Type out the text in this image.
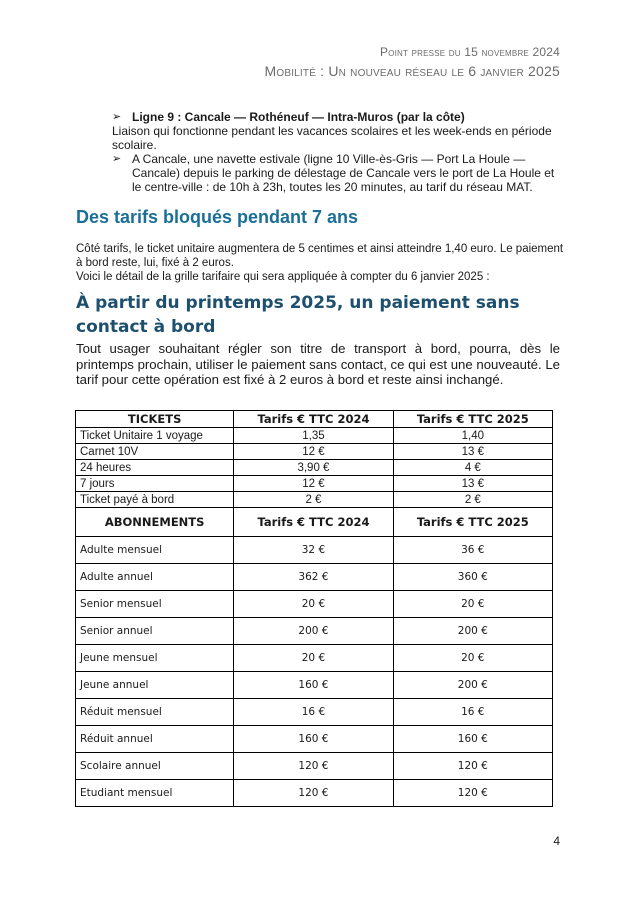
Point presse du 15 novembre 2024
Mobilité : Un nouveau réseau le 6 janvier 2025
➢ Ligne 9 : Cancale — Rothéneuf — Intra-Muros (par la côte)

Liaison qui fonctionne pendant les vacances scolaires et les week-ends en période scolaire.

➢ A Cancale, une navette estivale (ligne 10 Ville-ès-Gris — Port La Houle — Cancale) depuis le parking de délestage de Cancale vers le port de La Houle et le centre-ville : de 10h à 23h, toutes les 20 minutes, au tarif du réseau MAT.
Des tarifs bloqués pendant 7 ans

Côté tarifs, le ticket unitaire augmentera de 5 centimes et ainsi atteindre 1,40 euro. Le paiement à bord reste, lui, fixé à 2 euros.

Voici le détail de la grille tarifaire qui sera appliquée à compter du 6 janvier 2025 :

À partir du printemps 2025, un paiement sans contact à bord

Tout usager souhaitant régler son titre de transport à bord, pourra, dès le printemps prochain, utiliser le paiement sans contact, ce qui est une nouveauté. Le tarif pour cette opération est fixé à 2 euros à bord et reste ainsi inchangé.

TICKETS	Tarifs € TTC 2024	Tarifs € TTC 2025
Ticket Unitaire 1 voyage	1,35	1,40
Carnet 10V	12 €	13 €
24 heures	3,90 €	4 €
7 jours	12 €	13 €
Ticket payé à bord	2 €	2 €
ABONNEMENTS	Tarifs € TTC 2024	Tarifs € TTC 2025
Adulte mensuel	32 €	36 €
Adulte annuel	362 €	360 €
Senior mensuel	20 €	20 €
Senior annuel	200 €	200 €
Jeune mensuel	20 €	20 €
Jeune annuel	160 €	200 €
Réduit mensuel	16 €	16 €
Réduit annuel	160 €	160 €
Scolaire annuel	120 €	120 €
Etudiant mensuel	120 €	120 €
4
